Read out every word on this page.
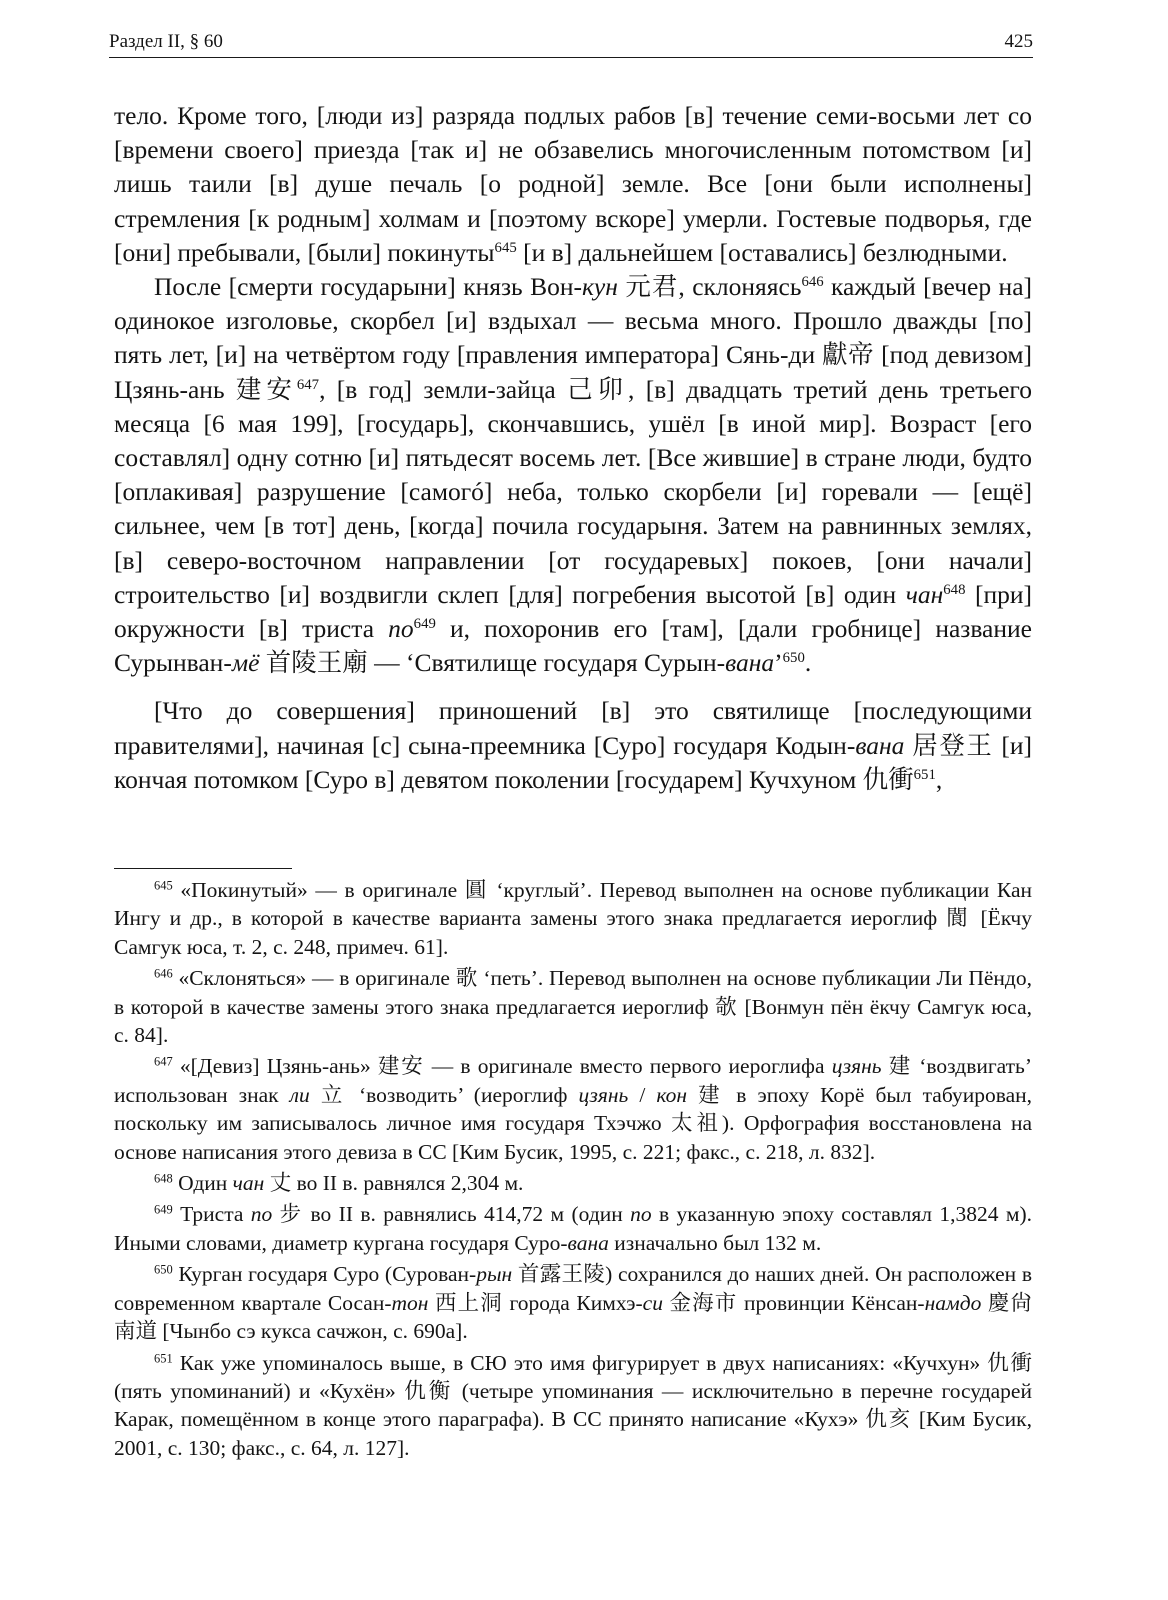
Раздел II, § 60	425

тело. Кроме того, [люди из] разряда подлых рабов [в] течение семи-восьми лет со [времени своего] приезда [так и] не обзавелись многочисленным потомством [и] лишь таили [в] душе печаль [о родной] земле. Все [они были исполнены] стремления [к родным] холмам и [поэтому вскоре] умерли. Гостевые подворья, где [они] пребывали, [были] покинуты$^{645}$ [и в] дальнейшем [оставались] безлюдными.

После [смерти государыни] князь Вон-кун 元君, склоняясь$^{646}$ каждый [вечер на] одинокое изголовье, скорбел [и] вздыхал — весьма много. Прошло дважды [по] пять лет, [и] на четвёртом году [правления императора] Сянь-ди 獻帝 [под девизом] Цзянь-ань 建安$^{647}$, [в год] земли-зайца 己卯, [в] двадцать третий день третьего месяца [6 мая 199], [государь], скончавшись, ушёл [в иной мир]. Возраст [его составлял] одну сотню [и] пятьдесят восемь лет. [Все жившие] в стране люди, будто [оплакивая] разрушение [самогó] неба, только скорбели [и] горевали — [ещё] сильнее, чем [в тот] день, [когда] почила государыня. Затем на равнинных землях, [в] северо-восточном направлении [от государевых] покоев, [они начали] строительство [и] воздвигли склеп [для] погребения высотой [в] один чан$^{648}$ [при] окружности [в] триста $по^{649}$ и, похоронив его [там], [дали гробнице] название Сурынван-мё 首陵王廟 — ‘Святилище государя Сурын-вана’$^{650}$.

[Что до совершения] приношений [в] это святилище [последующими правителями], начиная [с] сына-преемника [Суро] государя Кодын-вана 居登王 [и] кончая потомком [Суро в] девятом поколении [государем] Кучхуном 仇衝$^{651}$,

$^{645}$ «Покинутый» — в оригинале 圓 ‘круглый’. Перевод выполнен на основе публикации Кан Ингу и др., в которой в качестве варианта замены этого знака предлагается иероглиф 閬 [Ёкчу Самгук юса, т. 2, с. 248, примеч. 61].

$^{646}$ «Склоняться» — в оригинале 歌 ‘петь’. Перевод выполнен на основе публикации Ли Пёндо, в которой в качестве замены этого знака предлагается иероглиф 欹 [Вонмун пён ёкчу Самгук юса, с. 84].

$^{647}$ «[Девиз] Цзянь-ань» 建安 — в оригинале вместо первого иероглифа цзянь 建 ‘воздвигать’ использован знак ли 立 ‘возводить’ (иероглиф цзянь / кон 建 в эпоху Корё был табуирован, поскольку им записывалось личное имя государя Тхэчжо 太祖). Орфография восстановлена на основе написания этого девиза в СС [Ким Бусик, 1995, с. 221; факс., с. 218, л. 832].

$^{648}$ Один чан 丈 во II в. равнялся 2,304 м.

$^{649}$ Триста по 步 во II в. равнялись 414,72 м (один по в указанную эпоху составлял 1,3824 м). Иными словами, диаметр кургана государя Суро-вана изначально был 132 м.

$^{650}$ Курган государя Суро (Сурован-рын 首露王陵) сохранился до наших дней. Он расположен в современном квартале Сосан-тон 西上洞 города Кимхэ-си 金海市 провинции Кёнсан-намдо 慶尙南道 [Чынбо сэ кукса сачжон, с. 690а].

$^{651}$ Как уже упоминалось выше, в СЮ это имя фигурирует в двух написаниях: «Кучхун» 仇衝 (пять упоминаний) и «Кухён» 仇衡 (четыре упоминания — исключительно в перечне государей Карак, помещённом в конце этого параграфа). В СС принято написание «Кухэ» 仇亥 [Ким Бусик, 2001, с. 130; факс., с. 64, л. 127].
